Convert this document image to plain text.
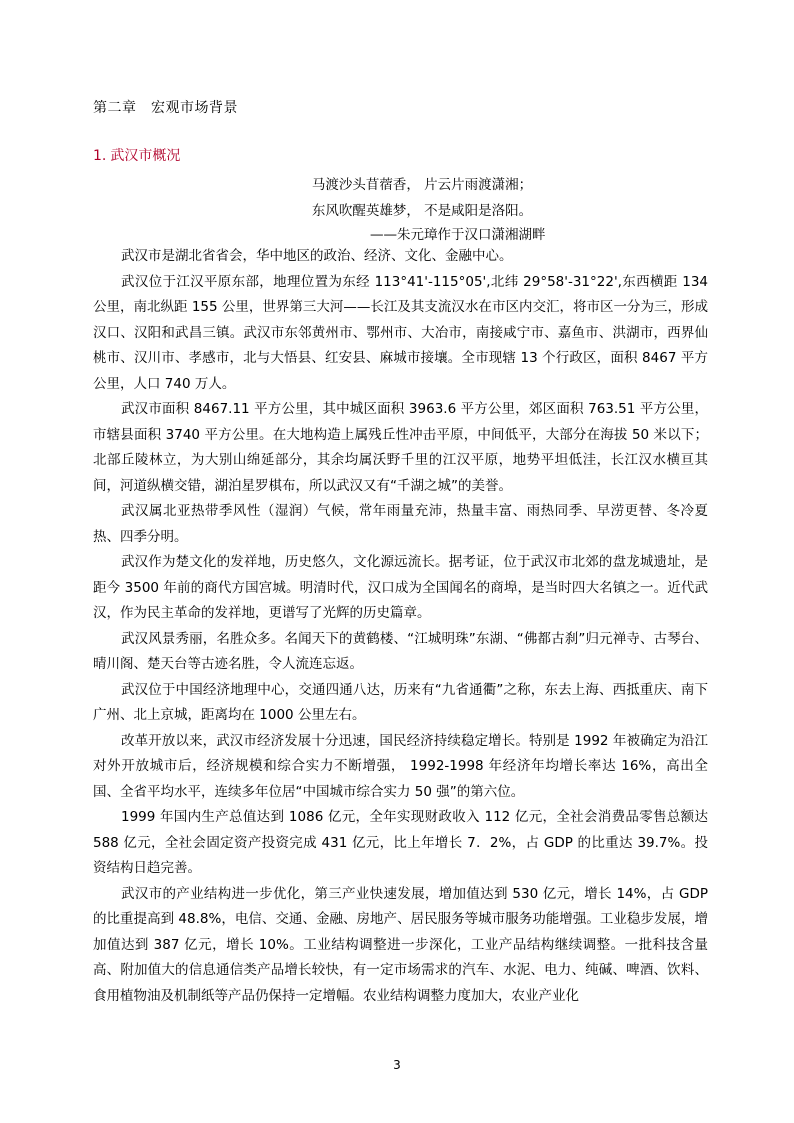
第二章　宏观市场背景
1. 武汉市概况
马渡沙头苜蓿香， 片云片雨渡潇湘；
东风吹醒英雄梦， 不是咸阳是洛阳。
——朱元璋作于汉口潇湘湖畔

武汉市是湖北省省会，华中地区的政治、经济、文化、金融中心。

武汉位于江汉平原东部，地理位置为东经 113°41'-115°05',北纬 29°58'-31°22',东西横距 134 公里，南北纵距 155 公里，世界第三大河——长江及其支流汉水在市区内交汇，将市区一分为三，形成汉口、汉阳和武昌三镇。武汉市东邻黄州市、鄂州市、大冶市，南接咸宁市、嘉鱼市、洪湖市，西界仙桃市、汉川市、孝感市，北与大悟县、红安县、麻城市接壤。全市现辖 13 个行政区，面积 8467 平方公里，人口 740 万人。

武汉市面积 8467.11 平方公里，其中城区面积 3963.6 平方公里，郊区面积 763.51 平方公里，市辖县面积 3740 平方公里。在大地构造上属残丘性冲击平原，中间低平，大部分在海拔 50 米以下；北部丘陵林立，为大别山绵延部分，其余均属沃野千里的江汉平原，地势平坦低洼，长江汉水横亘其间，河道纵横交错，湖泊星罗棋布，所以武汉又有“千湖之城”的美誉。

武汉属北亚热带季风性（湿润）气候，常年雨量充沛，热量丰富、雨热同季、早涝更替、冬冷夏热、四季分明。

武汉作为楚文化的发祥地，历史悠久，文化源远流长。据考证，位于武汉市北郊的盘龙城遗址，是距今 3500 年前的商代方国宫城。明清时代，汉口成为全国闻名的商埠，是当时四大名镇之一。近代武汉，作为民主革命的发祥地，更谱写了光辉的历史篇章。

武汉风景秀丽，名胜众多。名闻天下的黄鹤楼、“江城明珠”东湖、“佛都古刹”归元禅寺、古琴台、晴川阁、楚天台等古迹名胜，令人流连忘返。

武汉位于中国经济地理中心，交通四通八达，历来有“九省通衢”之称，东去上海、西抵重庆、南下广州、北上京城，距离均在 1000 公里左右。

改革开放以来，武汉市经济发展十分迅速，国民经济持续稳定增长。特别是 1992 年被确定为沿江对外开放城市后，经济规模和综合实力不断增强， 1992-1998 年经济年均增长率达 16%，高出全国、全省平均水平，连续多年位居“中国城市综合实力 50 强”的第六位。

1999 年国内生产总值达到 1086 亿元，全年实现财政收入 112 亿元，全社会消费品零售总额达 588 亿元，全社会固定资产投资完成 431 亿元，比上年增长 7．2%，占 GDP 的比重达 39.7%。投资结构日趋完善。

武汉市的产业结构进一步优化，第三产业快速发展，增加值达到 530 亿元，增长 14%，占 GDP 的比重提高到 48.8%，电信、交通、金融、房地产、居民服务等城市服务功能增强。工业稳步发展，增加值达到 387 亿元，增长 10%。工业结构调整进一步深化，工业产品结构继续调整。一批科技含量高、附加值大的信息通信类产品增长较快，有一定市场需求的汽车、水泥、电力、纯碱、啤酒、饮料、食用植物油及机制纸等产品仍保持一定增幅。农业结构调整力度加大，农业产业化

3
